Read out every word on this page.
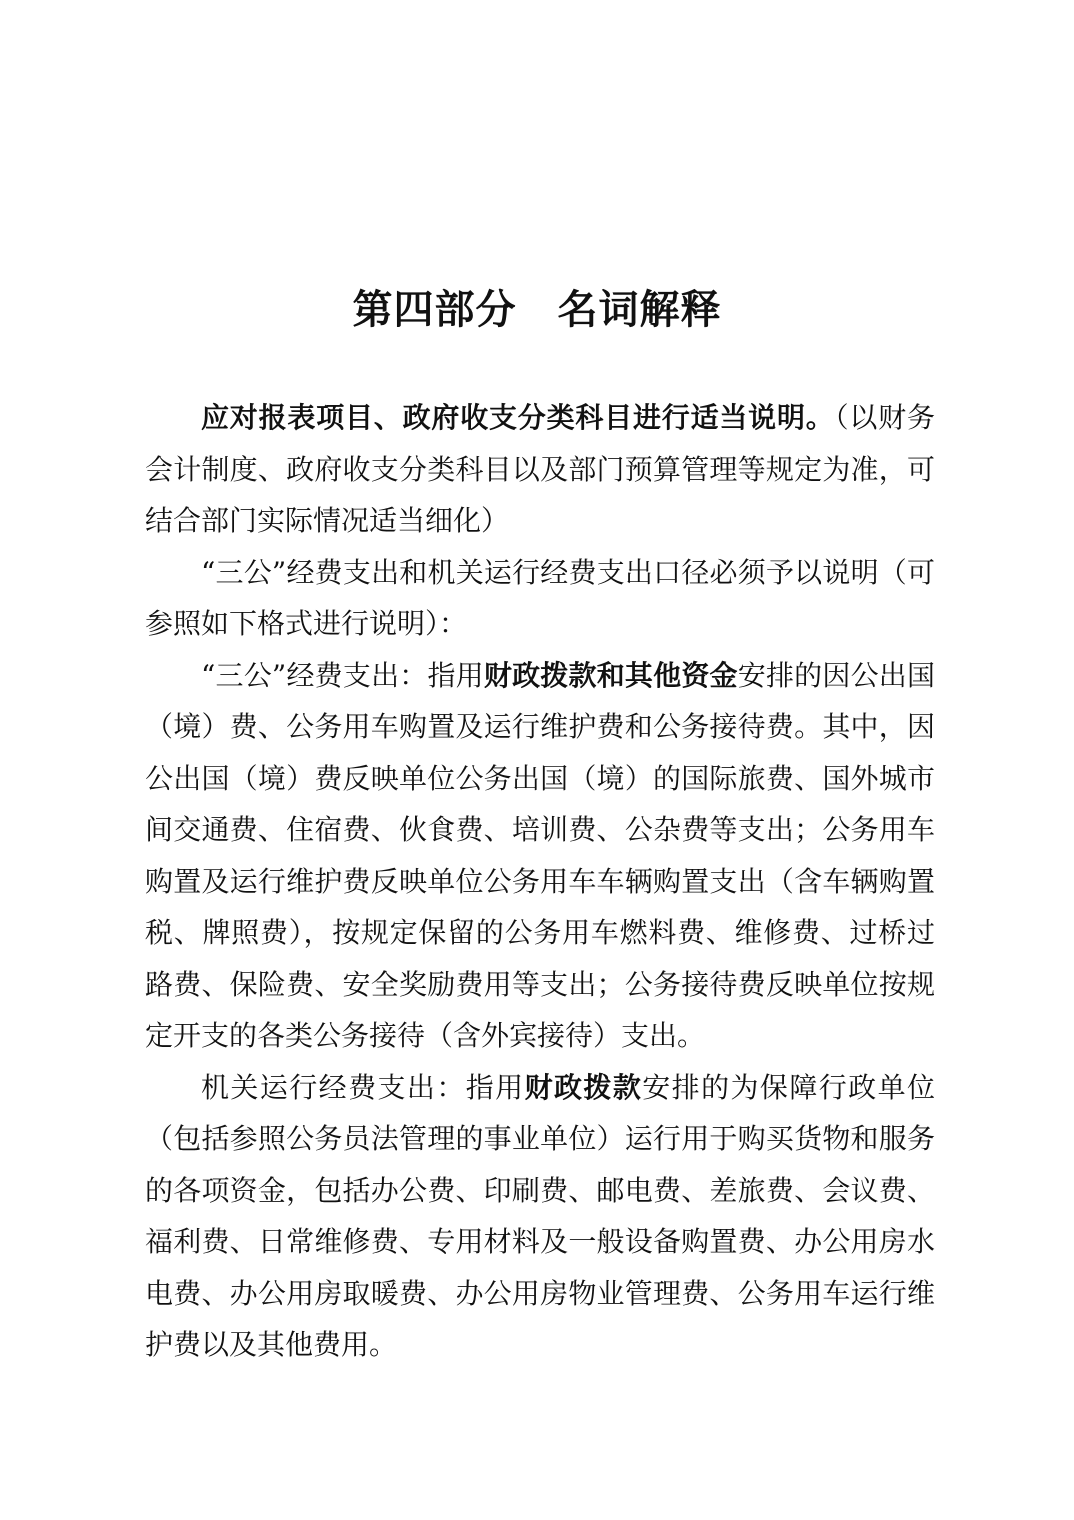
第四部分　名词解释

应对报表项目、政府收支分类科目进行适当说明。（以财务会计制度、政府收支分类科目以及部门预算管理等规定为准，可结合部门实际情况适当细化）

“三公”经费支出和机关运行经费支出口径必须予以说明（可参照如下格式进行说明）：

“三公”经费支出：指用财政拨款和其他资金安排的因公出国（境）费、公务用车购置及运行维护费和公务接待费。其中，因公出国（境）费反映单位公务出国（境）的国际旅费、国外城市间交通费、住宿费、伙食费、培训费、公杂费等支出；公务用车购置及运行维护费反映单位公务用车车辆购置支出（含车辆购置税、牌照费），按规定保留的公务用车燃料费、维修费、过桥过路费、保险费、安全奖励费用等支出；公务接待费反映单位按规定开支的各类公务接待（含外宾接待）支出。

机关运行经费支出：指用财政拨款安排的为保障行政单位（包括参照公务员法管理的事业单位）运行用于购买货物和服务的各项资金，包括办公费、印刷费、邮电费、差旅费、会议费、福利费、日常维修费、专用材料及一般设备购置费、办公用房水电费、办公用房取暖费、办公用房物业管理费、公务用车运行维护费以及其他费用。
